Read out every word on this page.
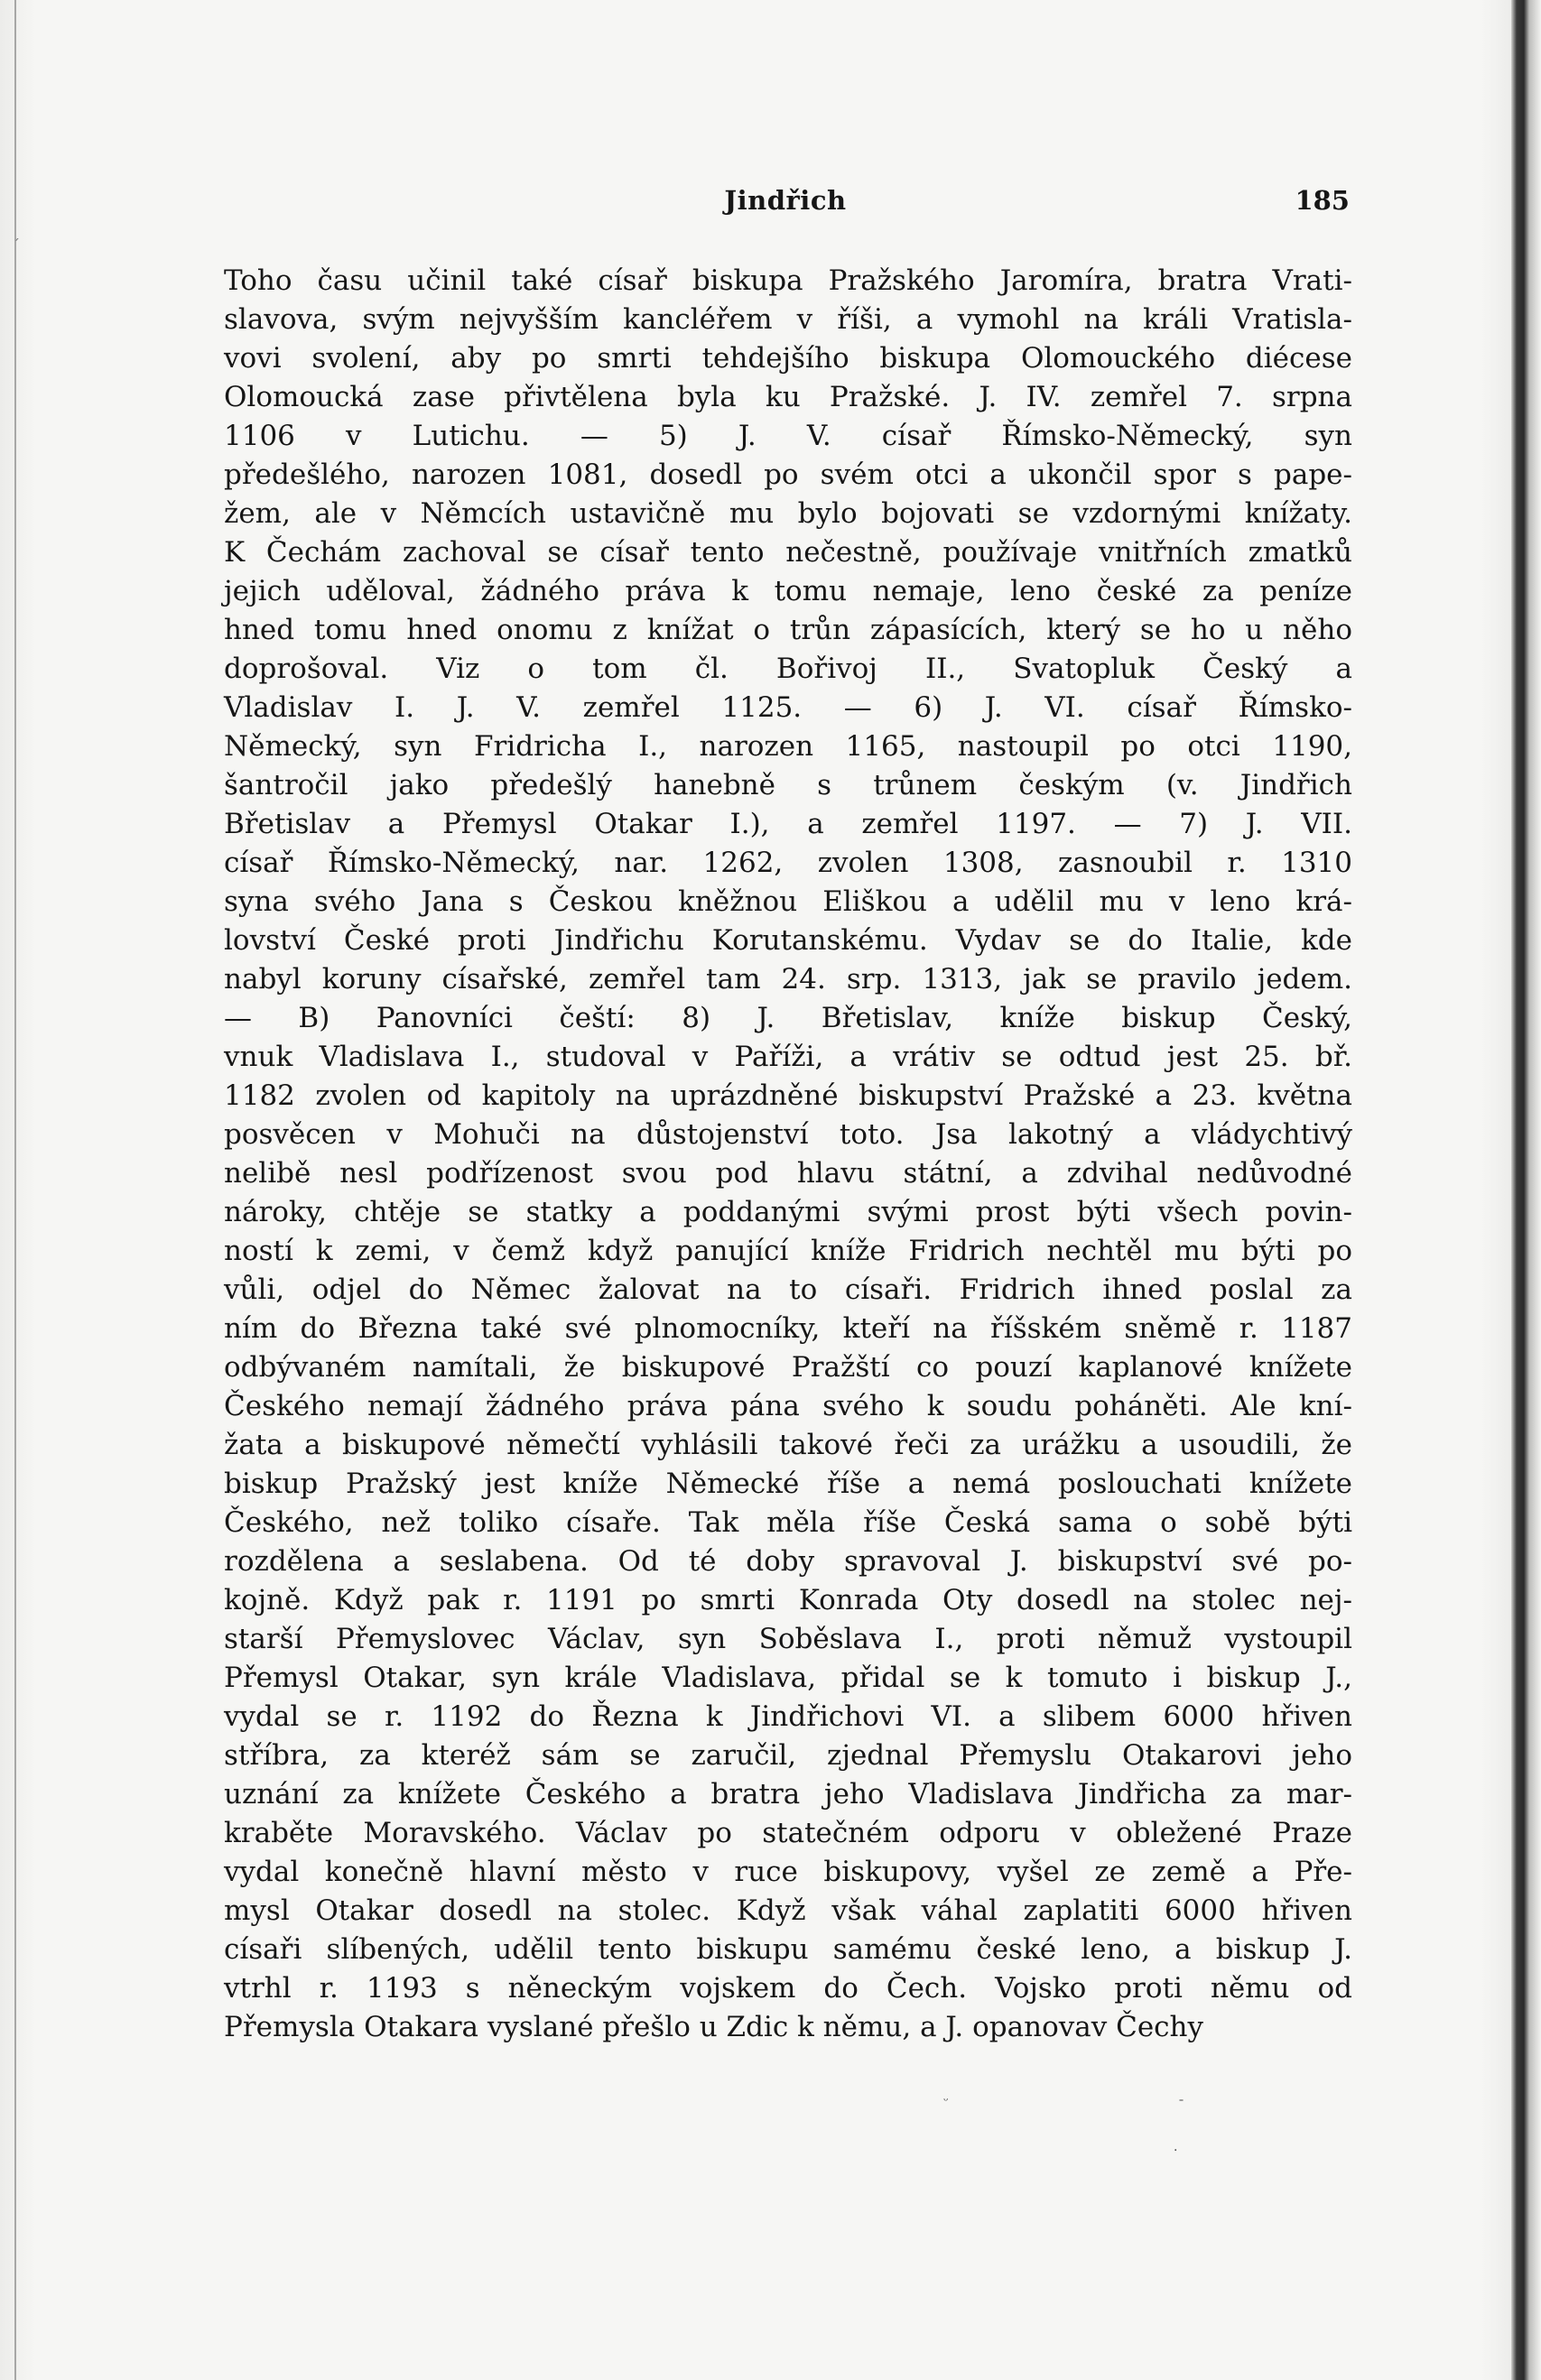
ˊ
Jindřich	185
Toho času učinil také císař biskupa Pražského Jaromíra, bratra Vrati-
slavova, svým nejvyšším kancléřem v říši, a vymohl na králi Vratisla-
vovi svolení, aby po smrti tehdejšího biskupa Olomouckého diécese
Olomoucká zase přivtělena byla ku Pražské. J. IV. zemřel 7. srpna
1106 v Lutichu. — 5) J. V. císař Římsko-Německý, syn
předešlého, narozen 1081, dosedl po svém otci a ukončil spor s pape-
žem, ale v Němcích ustavičně mu bylo bojovati se vzdornými knížaty.
K Čechám zachoval se císař tento nečestně, používaje vnitřních zmatků
jejich uděloval, žádného práva k tomu nemaje, leno české za peníze
hned tomu hned onomu z knížat o trůn zápasících, který se ho u něho
doprošoval. Viz o tom čl. Bořivoj II., Svatopluk Český a
Vladislav I. J. V. zemřel 1125. — 6) J. VI. císař Římsko-
Německý, syn Fridricha I., narozen 1165, nastoupil po otci 1190,
šantročil jako předešlý hanebně s trůnem českým (v. Jindřich
Břetislav a Přemysl Otakar I.), a zemřel 1197. — 7) J. VII.
císař Římsko-Německý, nar. 1262, zvolen 1308, zasnoubil r. 1310
syna svého Jana s Českou kněžnou Eliškou a udělil mu v leno krá-
lovství České proti Jindřichu Korutanskému. Vydav se do Italie, kde
nabyl koruny císařské, zemřel tam 24. srp. 1313, jak se pravilo jedem.
— B) Panovníci čeští: 8) J. Břetislav, kníže biskup Český,
vnuk Vladislava I., studoval v Paříži, a vrátiv se odtud jest 25. bř.
1182 zvolen od kapitoly na uprázdněné biskupství Pražské a 23. května
posvěcen v Mohuči na důstojenství toto. Jsa lakotný a vládychtivý
nelibě nesl podřízenost svou pod hlavu státní, a zdvihal nedůvodné
nároky, chtěje se statky a poddanými svými prost býti všech povin-
ností k zemi, v čemž když panující kníže Fridrich nechtěl mu býti po
vůli, odjel do Němec žalovat na to císaři. Fridrich ihned poslal za
ním do Března také své plnomocníky, kteří na říšském sněmě r. 1187
odbývaném namítali, že biskupové Pražští co pouzí kaplanové knížete
Českého nemají žádného práva pána svého k soudu poháněti. Ale kní-
žata a biskupové němečtí vyhlásili takové řeči za urážku a usoudili, že
biskup Pražský jest kníže Německé říše a nemá poslouchati knížete
Českého, než toliko císaře. Tak měla říše Česká sama o sobě býti
rozdělena a seslabena. Od té doby spravoval J. biskupství své po-
kojně. Když pak r. 1191 po smrti Konrada Oty dosedl na stolec nej-
starší Přemyslovec Václav, syn Soběslava I., proti němuž vystoupil
Přemysl Otakar, syn krále Vladislava, přidal se k tomuto i biskup J.,
vydal se r. 1192 do Řezna k Jindřichovi VI. a slibem 6000 hřiven
stříbra, za kteréž sám se zaručil, zjednal Přemyslu Otakarovi jeho
uznání za knížete Českého a bratra jeho Vladislava Jindřicha za mar-
kraběte Moravského. Václav po statečném odporu v obležené Praze
vydal konečně hlavní město v ruce biskupovy, vyšel ze země a Pře-
mysl Otakar dosedl na stolec. Když však váhal zaplatiti 6000 hřiven
císaři slíbených, udělil tento biskupu samému české leno, a biskup J.
vtrhl r. 1193 s něneckým vojskem do Čech. Vojsko proti němu od
Přemysla Otakara vyslané přešlo u Zdic k němu, a J. opanovav Čechy
ᵕ	ˉ
·
